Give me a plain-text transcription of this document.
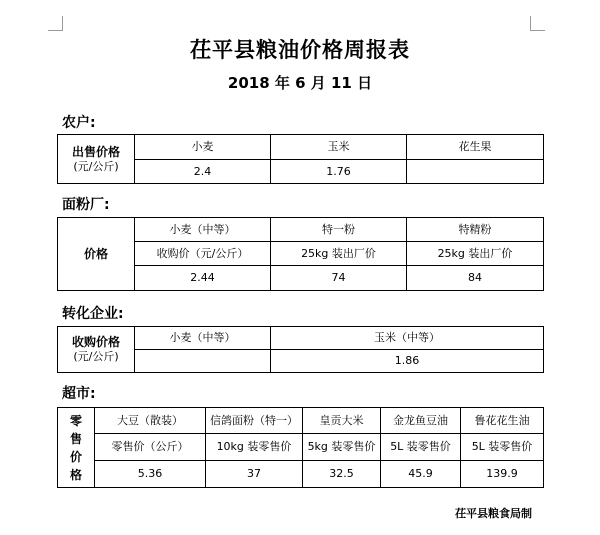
茌平县粮油价格周报表
2018 年 6 月 11 日
农户:
出售价格
(元/公斤)	小麦	玉米	花生果
	2.4	1.76	
面粉厂:
价格	小麦（中等）	特一粉	特精粉
	收购价（元/公斤）	25kg 装出厂价	25kg 装出厂价
	2.44	74	84
转化企业:
收购价格
(元/公斤)	小麦（中等）	玉米（中等）
		1.86
超市:
零
售
价
格	大豆（散装）	信鸽面粉（特一）	皇贡大米	金龙鱼豆油	鲁花花生油
	零售价（公斤）	10kg 装零售价	5kg 装零售价	5L 装零售价	5L 装零售价
	5.36	37	32.5	45.9	139.9
茌平县粮食局制
